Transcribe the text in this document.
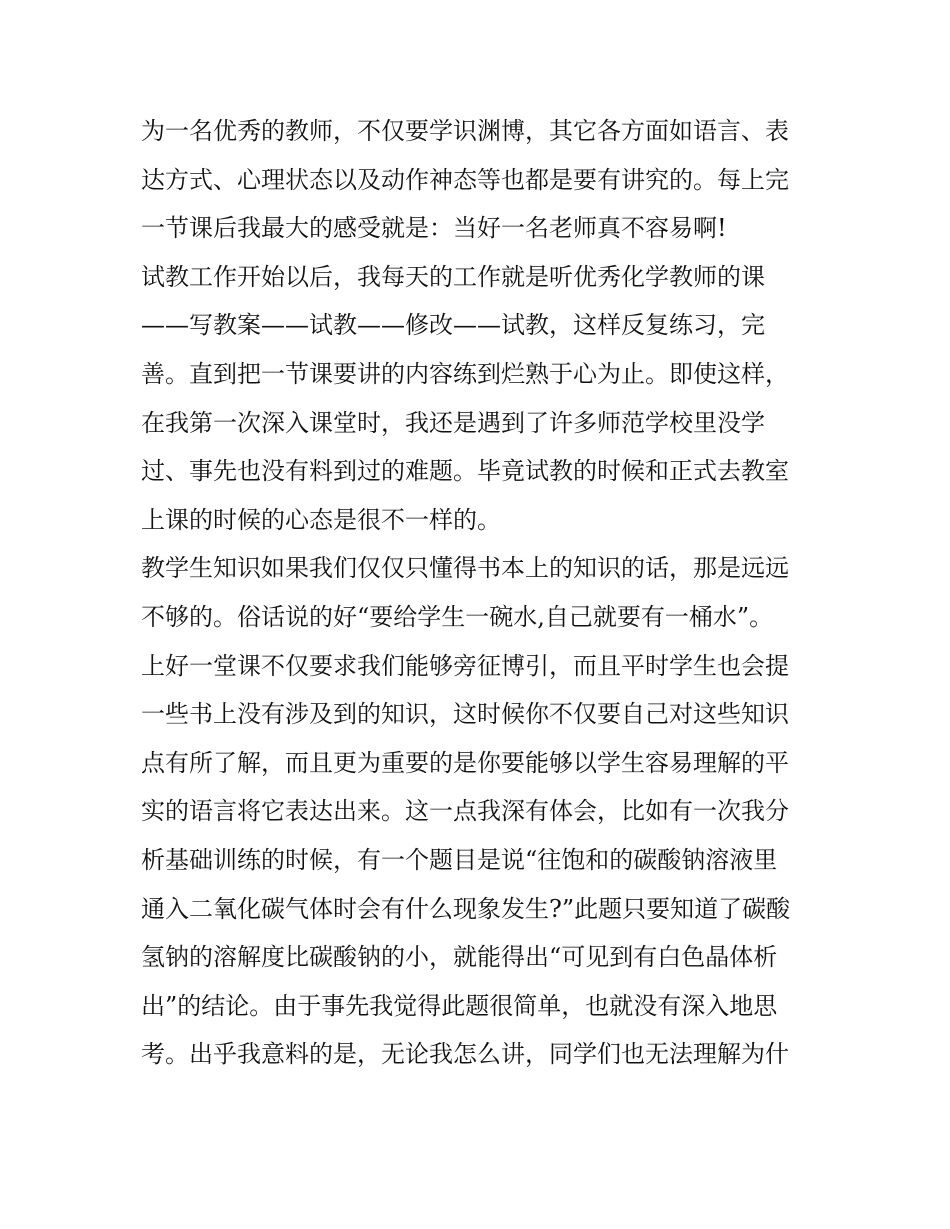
为一名优秀的教师，不仅要学识渊博，其它各方面如语言、表
达方式、心理状态以及动作神态等也都是要有讲究的。每上完
一节课后我最大的感受就是：当好一名老师真不容易啊!
试教工作开始以后，我每天的工作就是听优秀化学教师的课
——写教案——试教——修改——试教，这样反复练习，完
善。直到把一节课要讲的内容练到烂熟于心为止。即使这样，
在我第一次深入课堂时，我还是遇到了许多师范学校里没学
过、事先也没有料到过的难题。毕竟试教的时候和正式去教室
上课的时候的心态是很不一样的。
教学生知识如果我们仅仅只懂得书本上的知识的话，那是远远
不够的。俗话说的好“要给学生一碗水,自己就要有一桶水”。
上好一堂课不仅要求我们能够旁征博引，而且平时学生也会提
一些书上没有涉及到的知识，这时候你不仅要自己对这些知识
点有所了解，而且更为重要的是你要能够以学生容易理解的平
实的语言将它表达出来。这一点我深有体会，比如有一次我分
析基础训练的时候，有一个题目是说“往饱和的碳酸钠溶液里
通入二氧化碳气体时会有什么现象发生?”此题只要知道了碳酸
氢钠的溶解度比碳酸钠的小，就能得出“可见到有白色晶体析
出”的结论。由于事先我觉得此题很简单，也就没有深入地思
考。出乎我意料的是，无论我怎么讲，同学们也无法理解为什
